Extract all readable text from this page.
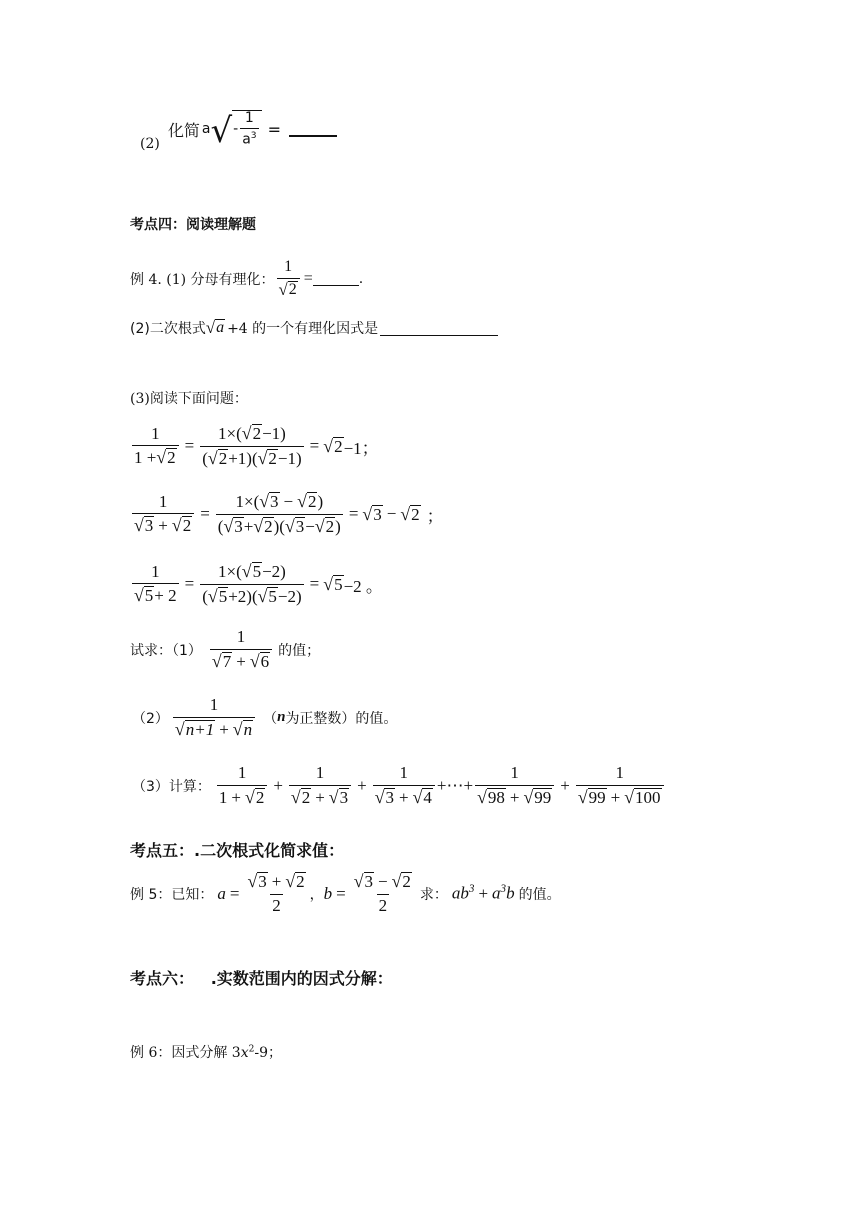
(2)
化简 a √ -
1
$a^3$ =
考点四：阅读理解题
例 4. (1) 分母有理化： $\frac{1}{√ 2}$ =	.
(2)二次根式 √ a +4 的一个有理化因式是
(3)阅读下面问题：
$\frac{1}{1 + √ 2} = \frac{1\times( √ 2 -1)}{( √ 2 +1)( √ 2 -1)}$ = √ 2 −1；
$\frac{1}{√ 3 + √ 2} = \frac{1\times( √ 3 - √ 2 )}{( √ 3 + √ 2 )( √ 3 - √ 2 )}$ = √ 3 − √ 2 ；
$\frac{1}{√ 5 + 2} = \frac{1\times( √ 5 -2)}{( √ 5 +2)( √ 5 -2)}$ = √ 5 −2 。
试求：（1）
1
√ 7 + √ 6
的值；
（2）
1
√ n+1 + √ n
（ n 为正整数）的值。
（3）计算：
1
1 + √ 2
+ $\frac{1}{√ 2 + √ 3} + \frac{1}{√ 3 + √ 4}$ +⋯+ $\frac{1}{√ 98 + √ 99} + \frac{1}{√ 99 + √ 100}$
考点五：.二次根式化简求值：
例 5：已知： $a = \frac{√ 3 + √ 2}{2}$ ， $b = \frac{√ 3 - √ 2}{2}$ 求： $ab^3 + a^3b$ 的值。
考点六：   .实数范围内的因式分解：
例 6：因式分解 $3x^2-9$；
